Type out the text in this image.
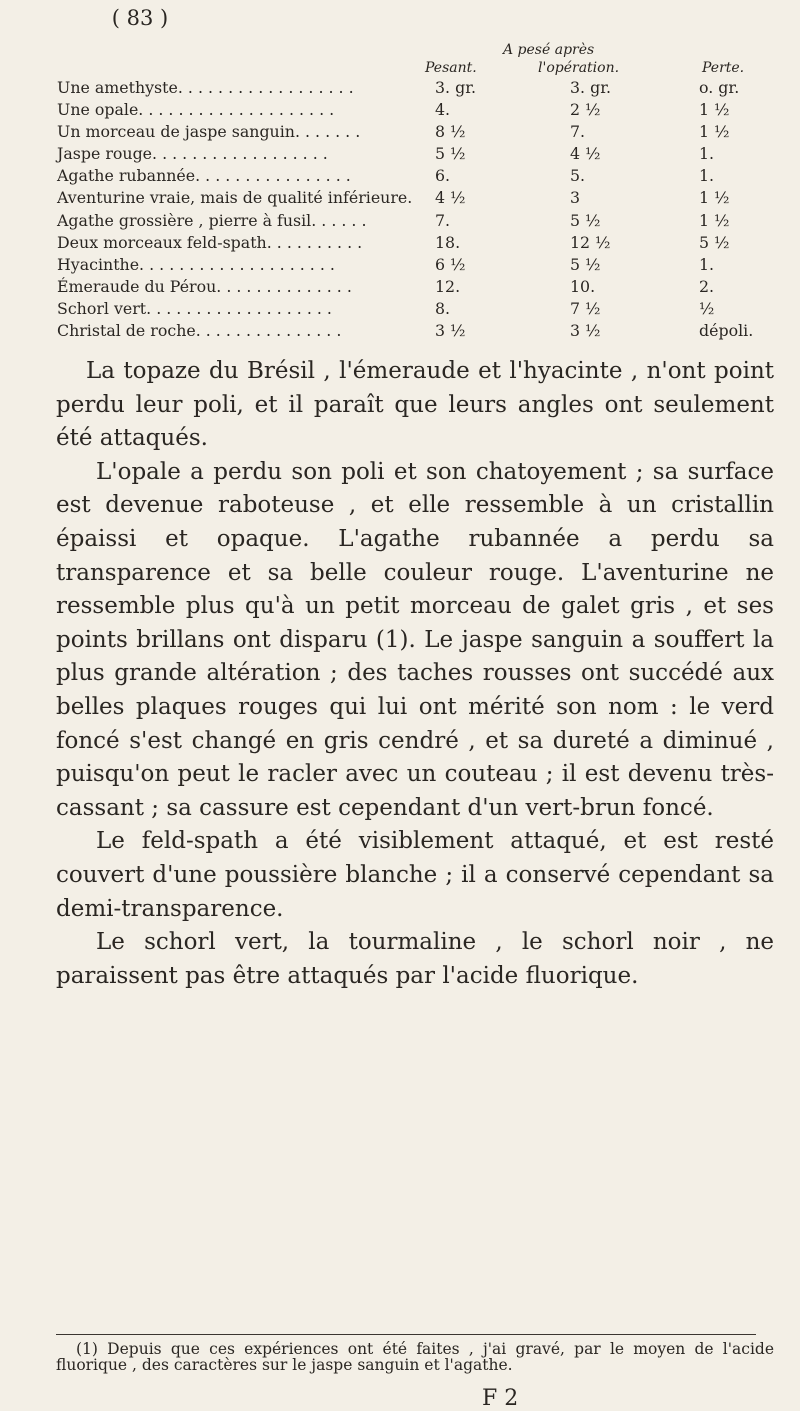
( 83 )
A pesé après
Pesant.	l'opération.	Perte.
Une amethyste. . . . . . . . . . . . . . . . . .	3. gr.	3. gr.	o. gr.
Une opale. . . . . . . . . . . . . . . . . . . .	4.	2 ½	1 ½
Un morceau de jaspe sanguin. . . . . . .	8 ½	7.	1 ½
Jaspe rouge. . . . . . . . . . . . . . . . . .	5 ½	4 ½	1.
Agathe rubannée. . . . . . . . . . . . . . . .	6.	5.	1.
Aventurine vraie, mais de qualité inférieure. 4 ½	3	1 ½
Agathe grossière , pierre à fusil. . . . . .	7.	5 ½	1 ½
Deux morceaux feld-spath. . . . . . . . . .	18.	12 ½	5 ½
Hyacinthe. . . . . . . . . . . . . . . . . . . .	6 ½	5 ½	1.
Émeraude du Pérou. . . . . . . . . . . . . .	12.	10.	2.
Schorl vert. . . . . . . . . . . . . . . . . . .	8.	7 ½	½
Christal de roche. . . . . . . . . . . . . . .	3 ½	3 ½	dépoli.

La topaze du Brésil , l'émeraude et l'hyacinte , n'ont point perdu leur poli, et il paraît que leurs angles ont seulement été attaqués.

L'opale a perdu son poli et son chatoyement ; sa surface est devenue raboteuse , et elle ressemble à un cristallin épaissi et opaque. L'agathe rubannée a perdu sa transparence et sa belle couleur rouge. L'aventurine ne ressemble plus qu'à un petit morceau de galet gris , et ses points brillans ont disparu (1). Le jaspe sanguin a souffert la plus grande altération ; des taches rousses ont succédé aux belles plaques rouges qui lui ont mérité son nom : le verd foncé s'est changé en gris cendré , et sa dureté a diminué , puisqu'on peut le racler avec un couteau ; il est devenu très-cassant ; sa cassure est cependant d'un vert-brun foncé.

Le feld-spath a été visiblement attaqué, et est resté couvert d'une poussière blanche ; il a conservé cependant sa demi-transparence.

Le schorl vert, la tourmaline , le schorl noir , ne paraissent pas être attaqués par l'acide fluorique.

(1) Depuis que ces expériences ont été faites , j'ai gravé, par le moyen de l'acide fluorique , des caractères sur le jaspe sanguin et l'agathe.

F 2
